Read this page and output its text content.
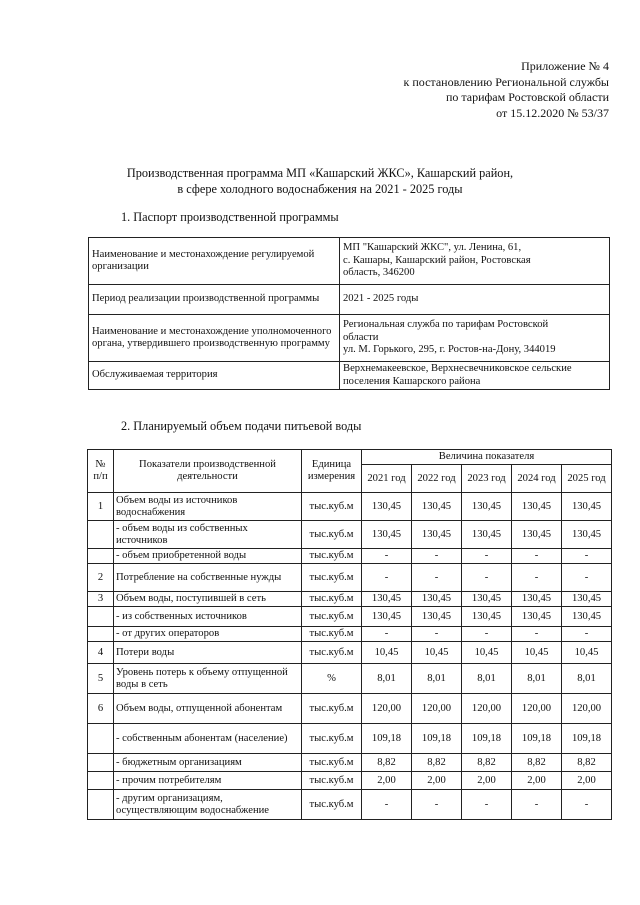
Приложение № 4
к постановлению Региональной службы
по тарифам Ростовской области
от 15.12.2020 № 53/37
Производственная программа МП «Кашарский ЖКС», Кашарский район,
в сфере холодного водоснабжения на 2021 - 2025 годы
1. Паспорт производственной программы
Наименование и местонахождение регулируемой организации	МП "Кашарский ЖКС", ул. Ленина, 61,
с. Кашары, Кашарский район, Ростовская
область, 346200

Период реализации производственной программы	2021 - 2025 годы

Наименование и местонахождение уполномоченного органа, утвердившего производственную программу	Региональная служба по тарифам Ростовской
области
ул. М. Горького, 295, г. Ростов-на-Дону, 344019

Обслуживаемая территория	Верхнемакеевское, Верхнесвечниковское сельские
поселения Кашарского района
2. Планируемый объем подачи питьевой воды
№ п/п	Показатели производственной деятельности	Единица измерения	Величина показателя				
			2021 год	2022 год	2023 год	2024 год	2025 год
1	Объем воды из источников водоснабжения	тыс.куб.м	130,45	130,45	130,45	130,45	130,45
	- объем воды из собственных источников	тыс.куб.м	130,45	130,45	130,45	130,45	130,45
	- объем приобретенной воды	тыс.куб.м	-	-	-	-	-
2	Потребление на собственные нужды	тыс.куб.м	-	-	-	-	-
3	Объем воды, поступившей в сеть	тыс.куб.м	130,45	130,45	130,45	130,45	130,45
	- из собственных источников	тыс.куб.м	130,45	130,45	130,45	130,45	130,45
	- от других операторов	тыс.куб.м	-	-	-	-	-
4	Потери воды	тыс.куб.м	10,45	10,45	10,45	10,45	10,45
5	Уровень потерь к объему отпущенной воды в сеть	%	8,01	8,01	8,01	8,01	8,01
6	Объем воды, отпущенной абонентам	тыс.куб.м	120,00	120,00	120,00	120,00	120,00
	- собственным абонентам (население)	тыс.куб.м	109,18	109,18	109,18	109,18	109,18
	- бюджетным организациям	тыс.куб.м	8,82	8,82	8,82	8,82	8,82
	- прочим потребителям	тыс.куб.м	2,00	2,00	2,00	2,00	2,00
	- другим организациям, осуществляющим водоснабжение	тыс.куб.м	-	-	-	-	-
